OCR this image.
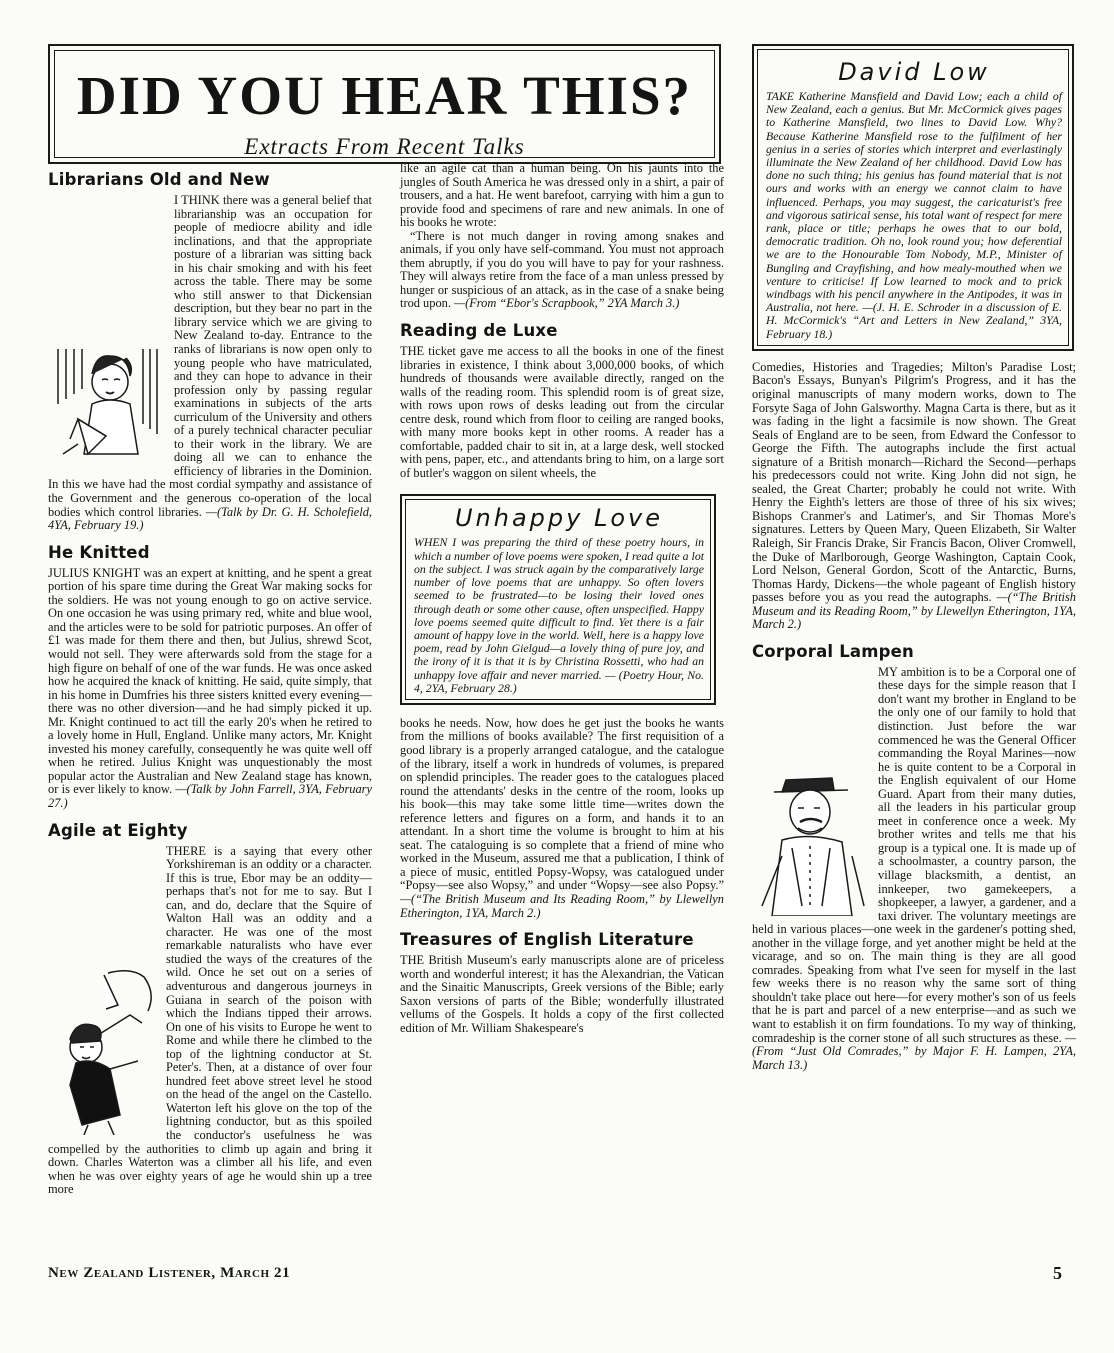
DID YOU HEAR THIS?
Extracts From Recent Talks
Librarians Old and New

I THINK there was a general belief that librarianship was an occupation for people of mediocre ability and idle inclinations, and that the appropriate posture of a librarian was sitting back in his chair smoking and with his feet across the table. There may be some who still answer to that Dickensian description, but they bear no part in the library service which we are giving to New Zealand to-day. Entrance to the ranks of librarians is now open only to young people who have matriculated, and they can hope to advance in their profession only by passing regular examinations in subjects of the arts curriculum of the University and others of a purely technical character peculiar to their work in the library. We are doing all we can to enhance the efficiency of libraries in the Dominion. In this we have had the most cordial sympathy and assistance of the Government and the generous co-operation of the local bodies which control libraries. —(Talk by Dr. G. H. Scholefield, 4YA, February 19.)

He Knitted

JULIUS KNIGHT was an expert at knitting, and he spent a great portion of his spare time during the Great War making socks for the soldiers. He was not young enough to go on active service. On one occasion he was using primary red, white and blue wool, and the articles were to be sold for patriotic purposes. An offer of £1 was made for them there and then, but Julius, shrewd Scot, would not sell. They were afterwards sold from the stage for a high figure on behalf of one of the war funds. He was once asked how he acquired the knack of knitting. He said, quite simply, that in his home in Dumfries his three sisters knitted every evening—there was no other diversion—and he had simply picked it up. Mr. Knight continued to act till the early 20's when he retired to a lovely home in Hull, England. Unlike many actors, Mr. Knight invested his money carefully, consequently he was quite well off when he retired. Julius Knight was unquestionably the most popular actor the Australian and New Zealand stage has known, or is ever likely to know. —(Talk by John Farrell, 3YA, February 27.)

Agile at Eighty

THERE is a saying that every other Yorkshireman is an oddity or a character. If this is true, Ebor may be an oddity—perhaps that's not for me to say. But I can, and do, declare that the Squire of Walton Hall was an oddity and a character. He was one of the most remarkable naturalists who have ever studied the ways of the creatures of the wild. Once he set out on a series of adventurous and dangerous journeys in Guiana in search of the poison with which the Indians tipped their arrows. On one of his visits to Europe he went to Rome and while there he climbed to the top of the lightning conductor at St. Peter's. Then, at a distance of over four hundred feet above street level he stood on the head of the angel on the Castello. Waterton left his glove on the top of the lightning conductor, but as this spoiled the conductor's usefulness he was compelled by the authorities to climb up again and bring it down. Charles Waterton was a climber all his life, and even when he was over eighty years of age he would shin up a tree more

like an agile cat than a human being. On his jaunts into the jungles of South America he was dressed only in a shirt, a pair of trousers, and a hat. He went barefoot, carrying with him a gun to provide food and specimens of rare and new animals. In one of his books he wrote:

“There is not much danger in roving among snakes and animals, if you only have self-command. You must not approach them abruptly, if you do you will have to pay for your rashness. They will always retire from the face of a man unless pressed by hunger or suspicious of an attack, as in the case of a snake being trod upon. —(From “Ebor's Scrapbook,” 2YA March 3.)

Reading de Luxe

THE ticket gave me access to all the books in one of the finest libraries in existence, I think about 3,000,000 books, of which hundreds of thousands were available directly, ranged on the walls of the reading room. This splendid room is of great size, with rows upon rows of desks leading out from the circular centre desk, round which from floor to ceiling are ranged books, with many more books kept in other rooms. A reader has a comfortable, padded chair to sit in, at a large desk, well stocked with pens, paper, etc., and attendants bring to him, on a large sort of butler's waggon on silent wheels, the

Unhappy Love

WHEN I was preparing the third of these poetry hours, in which a number of love poems were spoken, I read quite a lot on the subject. I was struck again by the comparatively large number of love poems that are unhappy. So often lovers seemed to be frustrated—to be losing their loved ones through death or some other cause, often unspecified. Happy love poems seemed quite difficult to find. Yet there is a fair amount of happy love in the world. Well, here is a happy love poem, read by John Gielgud—a lovely thing of pure joy, and the irony of it is that it is by Christina Rossetti, who had an unhappy love affair and never married. — (Poetry Hour, No. 4, 2YA, February 28.)

books he needs. Now, how does he get just the books he wants from the millions of books available? The first requisition of a good library is a properly arranged catalogue, and the catalogue of the library, itself a work in hundreds of volumes, is prepared on splendid principles. The reader goes to the catalogues placed round the attendants' desks in the centre of the room, looks up his book—this may take some little time—writes down the reference letters and figures on a form, and hands it to an attendant. In a short time the volume is brought to him at his seat. The cataloguing is so complete that a friend of mine who worked in the Museum, assured me that a publication, I think of a piece of music, entitled Popsy-Wopsy, was catalogued under “Popsy—see also Wopsy,” and under “Wopsy—see also Popsy.” —(“The British Museum and Its Reading Room,” by Llewellyn Etherington, 1YA, March 2.)

Treasures of English Literature

THE British Museum's early manuscripts alone are of priceless worth and wonderful interest; it has the Alexandrian, the Vatican and the Sinaitic Manuscripts, Greek versions of the Bible; early Saxon versions of parts of the Bible; wonderfully illustrated vellums of the Gospels. It holds a copy of the first collected edition of Mr. William Shakespeare's

David Low

TAKE Katherine Mansfield and David Low; each a child of New Zealand, each a genius. But Mr. McCormick gives pages to Katherine Mansfield, two lines to David Low. Why? Because Katherine Mansfield rose to the fulfilment of her genius in a series of stories which interpret and everlastingly illuminate the New Zealand of her childhood. David Low has done no such thing; his genius has found material that is not ours and works with an energy we cannot claim to have influenced. Perhaps, you may suggest, the caricaturist's free and vigorous satirical sense, his total want of respect for mere rank, place or title; perhaps he owes that to our bold, democratic tradition. Oh no, look round you; how deferential we are to the Honourable Tom Nobody, M.P., Minister of Bungling and Crayfishing, and how mealy-mouthed when we venture to criticise! If Low learned to mock and to prick windbags with his pencil anywhere in the Antipodes, it was in Australia, not here. —(J. H. E. Schroder in a discussion of E. H. McCormick's “Art and Letters in New Zealand,” 3YA, February 18.)

Comedies, Histories and Tragedies; Milton's Paradise Lost; Bacon's Essays, Bunyan's Pilgrim's Progress, and it has the original manuscripts of many modern works, down to The Forsyte Saga of John Galsworthy. Magna Carta is there, but as it was fading in the light a facsimile is now shown. The Great Seals of England are to be seen, from Edward the Confessor to George the Fifth. The autographs include the first actual signature of a British monarch—Richard the Second—perhaps his predecessors could not write. King John did not sign, he sealed, the Great Charter; probably he could not write. With Henry the Eighth's letters are those of three of his six wives; Bishops Cranmer's and Latimer's, and Sir Thomas More's signatures. Letters by Queen Mary, Queen Elizabeth, Sir Walter Raleigh, Sir Francis Drake, Sir Francis Bacon, Oliver Cromwell, the Duke of Marlborough, George Washington, Captain Cook, Lord Nelson, General Gordon, Scott of the Antarctic, Burns, Thomas Hardy, Dickens—the whole pageant of English history passes before you as you read the autographs. —(“The British Museum and its Reading Room,” by Llewellyn Etherington, 1YA, March 2.)

Corporal Lampen

MY ambition is to be a Corporal one of these days for the simple reason that I don't want my brother in England to be the only one of our family to hold that distinction. Just before the war commenced he was the General Officer commanding the Royal Marines—now he is quite content to be a Corporal in the English equivalent of our Home Guard. Apart from their many duties, all the leaders in his particular group meet in conference once a week. My brother writes and tells me that his group is a typical one. It is made up of a schoolmaster, a country parson, the village blacksmith, a dentist, an innkeeper, two gamekeepers, a shopkeeper, a lawyer, a gardener, and a taxi driver. The voluntary meetings are held in various places—one week in the gardener's potting shed, another in the village forge, and yet another might be held at the vicarage, and so on. The main thing is they are all good comrades. Speaking from what I've seen for myself in the last few weeks there is no reason why the same sort of thing shouldn't take place out here—for every mother's son of us feels that he is part and parcel of a new enterprise—and as such we want to establish it on firm foundations. To my way of thinking, comradeship is the corner stone of all such structures as these. —(From “Just Old Comrades,” by Major F. H. Lampen, 2YA, March 13.)

New Zealand Listener, March 21	5
